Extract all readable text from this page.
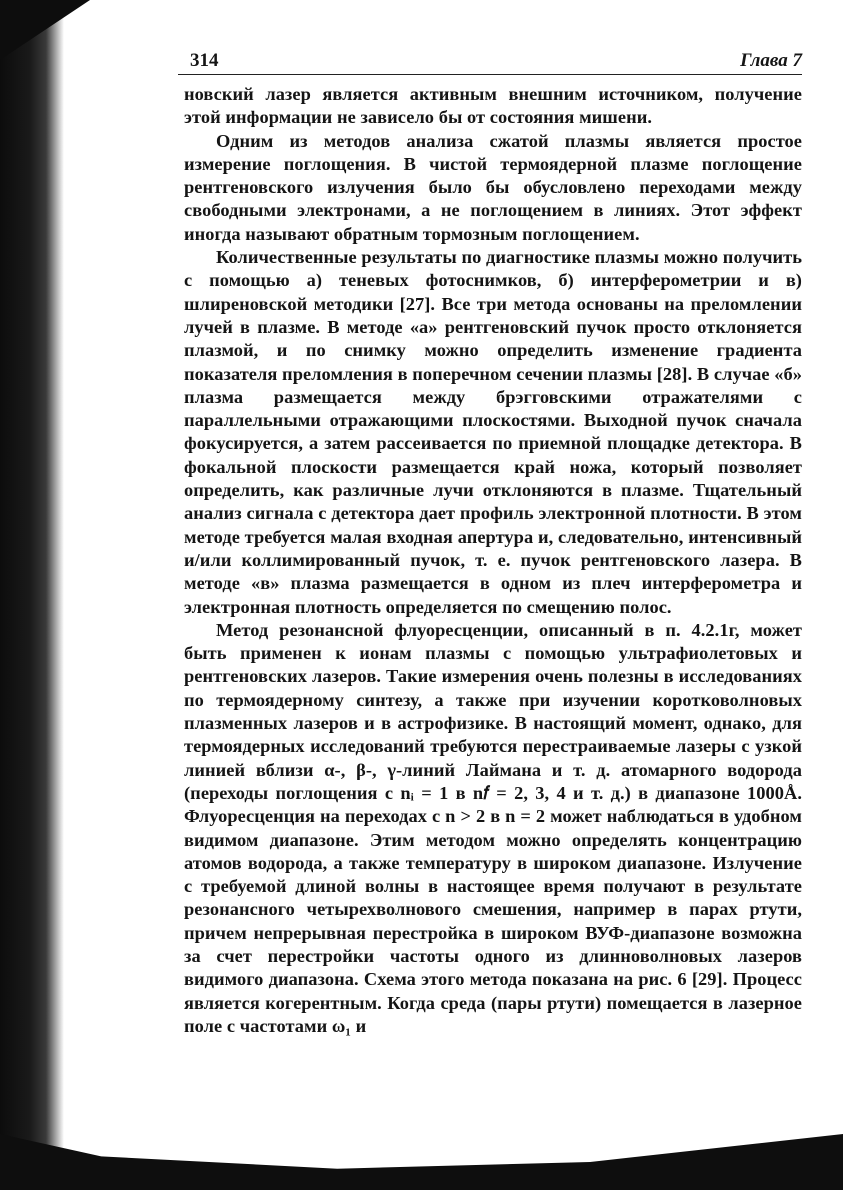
314	Глава 7

новский лазер является активным внешним источником, получение этой информации не зависело бы от состояния мишени.

Одним из методов анализа сжатой плазмы является простое измерение поглощения. В чистой термоядерной плазме поглощение рентгеновского излучения было бы обусловлено переходами между свободными электронами, а не поглощением в линиях. Этот эффект иногда называют обратным тормозным поглощением.

Количественные результаты по диагностике плазмы можно получить с помощью а) теневых фотоснимков, б) интерферометрии и в) шлиреновской методики [27]. Все три метода основаны на преломлении лучей в плазме. В методе «а» рентгеновский пучок просто отклоняется плазмой, и по снимку можно определить изменение градиента показателя преломления в поперечном сечении плазмы [28]. В случае «б» плазма размещается между брэгговскими отражателями с параллельными отражающими плоскостями. Выходной пучок сначала фокусируется, а затем рассеивается по приемной площадке детектора. В фокальной плоскости размещается край ножа, который позволяет определить, как различные лучи отклоняются в плазме. Тщательный анализ сигнала с детектора дает профиль электронной плотности. В этом методе требуется малая входная апертура и, следовательно, интенсивный и/или коллимированный пучок, т. е. пучок рентгеновского лазера. В методе «в» плазма размещается в одном из плеч интерферометра и электронная плотность определяется по смещению полос.

Метод резонансной флуоресценции, описанный в п. 4.2.1г, может быть применен к ионам плазмы с помощью ультрафиолетовых и рентгеновских лазеров. Такие измерения очень полезны в исследованиях по термоядерному синтезу, а также при изучении коротковолновых плазменных лазеров и в астрофизике. В настоящий момент, однако, для термоядерных исследований требуются перестраиваемые лазеры с узкой линией вблизи α-, β-, γ-линий Лаймана и т. д. атомарного водорода (переходы поглощения с nᵢ = 1 в n𝑓 = 2, 3, 4 и т. д.) в диапазоне 1000Å. Флуоресценция на переходах с n > 2 в n = 2 может наблюдаться в удобном видимом диапазоне. Этим методом можно определять концентрацию атомов водорода, а также температуру в широком диапазоне. Излучение с требуемой длиной волны в настоящее время получают в результате резонансного четырехволнового смешения, например в парах ртути, причем непрерывная перестройка в широком ВУФ-диапазоне возможна за счет перестройки частоты одного из длинноволновых лазеров видимого диапазона. Схема этого метода показана на рис. 6 [29]. Процесс является когерентным. Когда среда (пары ртути) помещается в лазерное поле с частотами ω₁ и
